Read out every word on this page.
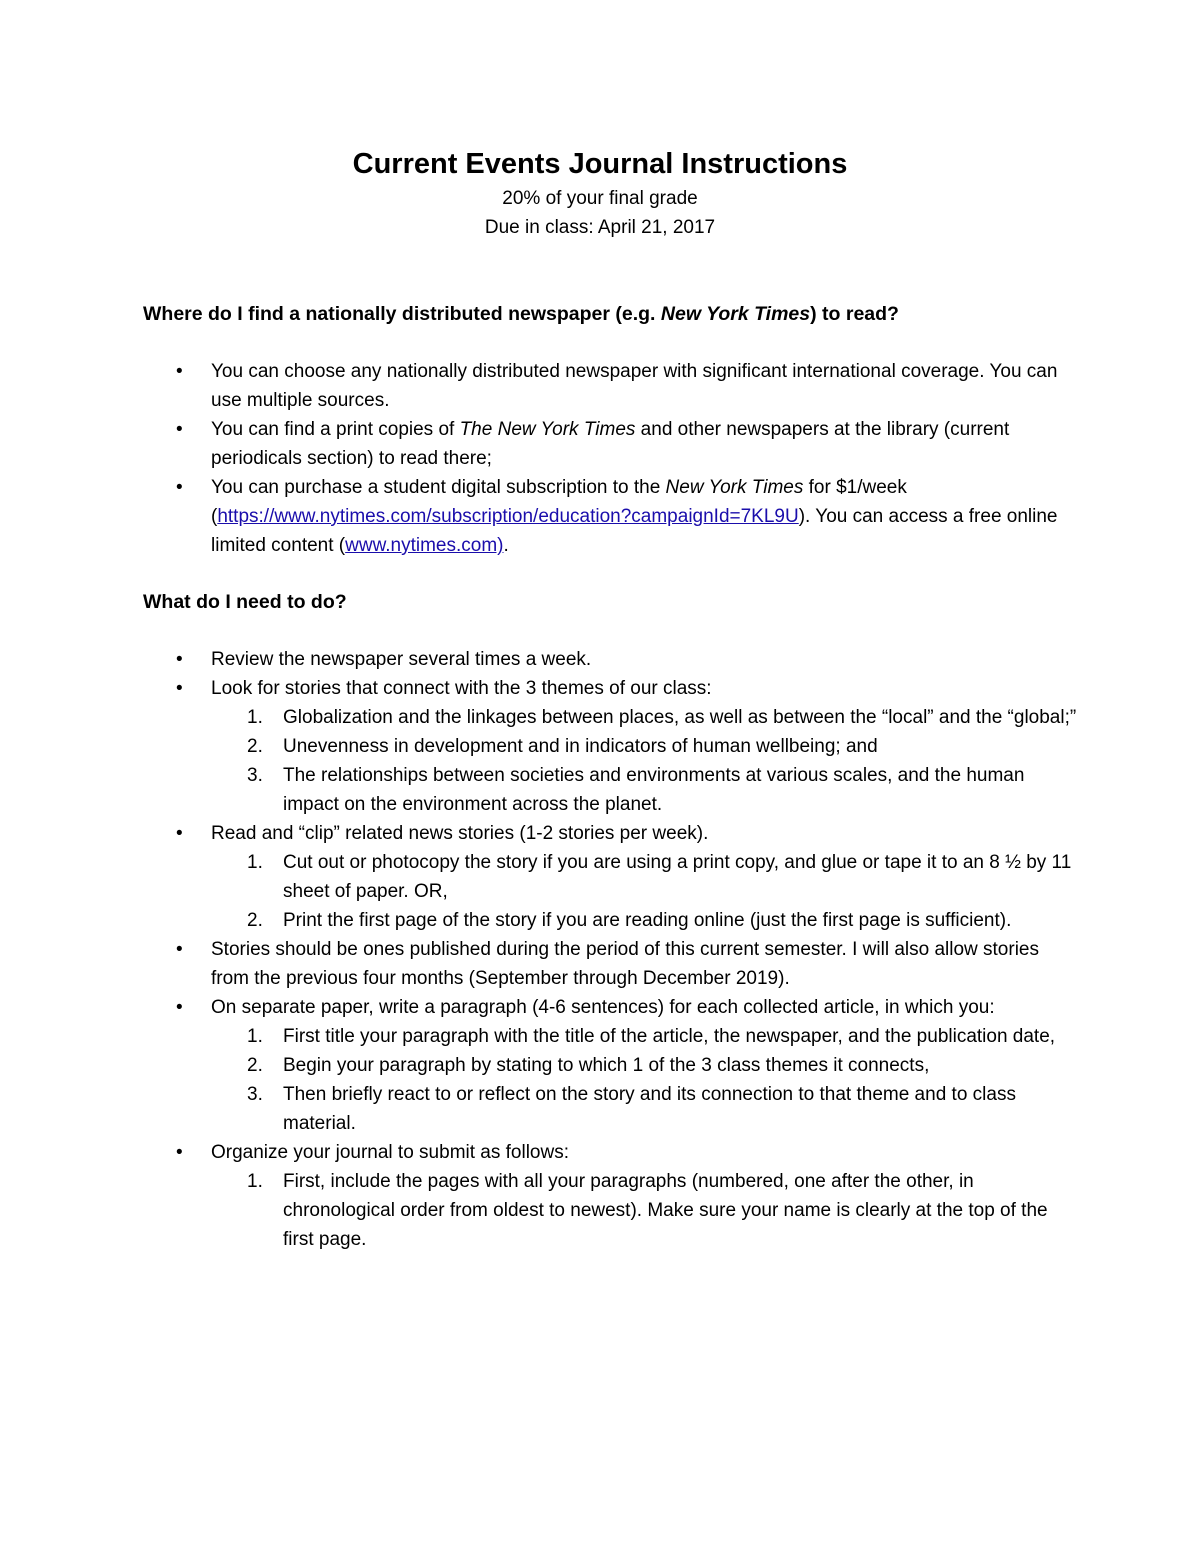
Current Events Journal Instructions
20% of your final grade
Due in class: April 21, 2017
Where do I find a nationally distributed newspaper (e.g. New York Times) to read?
•	You can choose any nationally distributed newspaper with significant international coverage. You can use multiple sources.
•	You can find a print copies of The New York Times and other newspapers at the library (current periodicals section) to read there;
•	You can purchase a student digital subscription to the New York Times for $1/week (https://www.nytimes.com/subscription/education?campaignId=7KL9U). You can access a free online limited content (www.nytimes.com).
What do I need to do?
•	Review the newspaper several times a week.
•	Look for stories that connect with the 3 themes of our class:
1.	Globalization and the linkages between places, as well as between the “local” and the “global;”
2.	Unevenness in development and in indicators of human wellbeing; and
3.	The relationships between societies and environments at various scales, and the human impact on the environment across the planet.
•	Read and “clip” related news stories (1-2 stories per week).
1.	Cut out or photocopy the story if you are using a print copy, and glue or tape it to an 8 ½ by 11 sheet of paper. OR,
2.	Print the first page of the story if you are reading online (just the first page is sufficient).
•	Stories should be ones published during the period of this current semester. I will also allow stories from the previous four months (September through December 2019).
•	On separate paper, write a paragraph (4-6 sentences) for each collected article, in which you:
1.	First title your paragraph with the title of the article, the newspaper, and the publication date,
2.	Begin your paragraph by stating to which 1 of the 3 class themes it connects,
3.	Then briefly react to or reflect on the story and its connection to that theme and to class material.
•	Organize your journal to submit as follows:
1.	First, include the pages with all your paragraphs (numbered, one after the other, in chronological order from oldest to newest). Make sure your name is clearly at the top of the first page.
